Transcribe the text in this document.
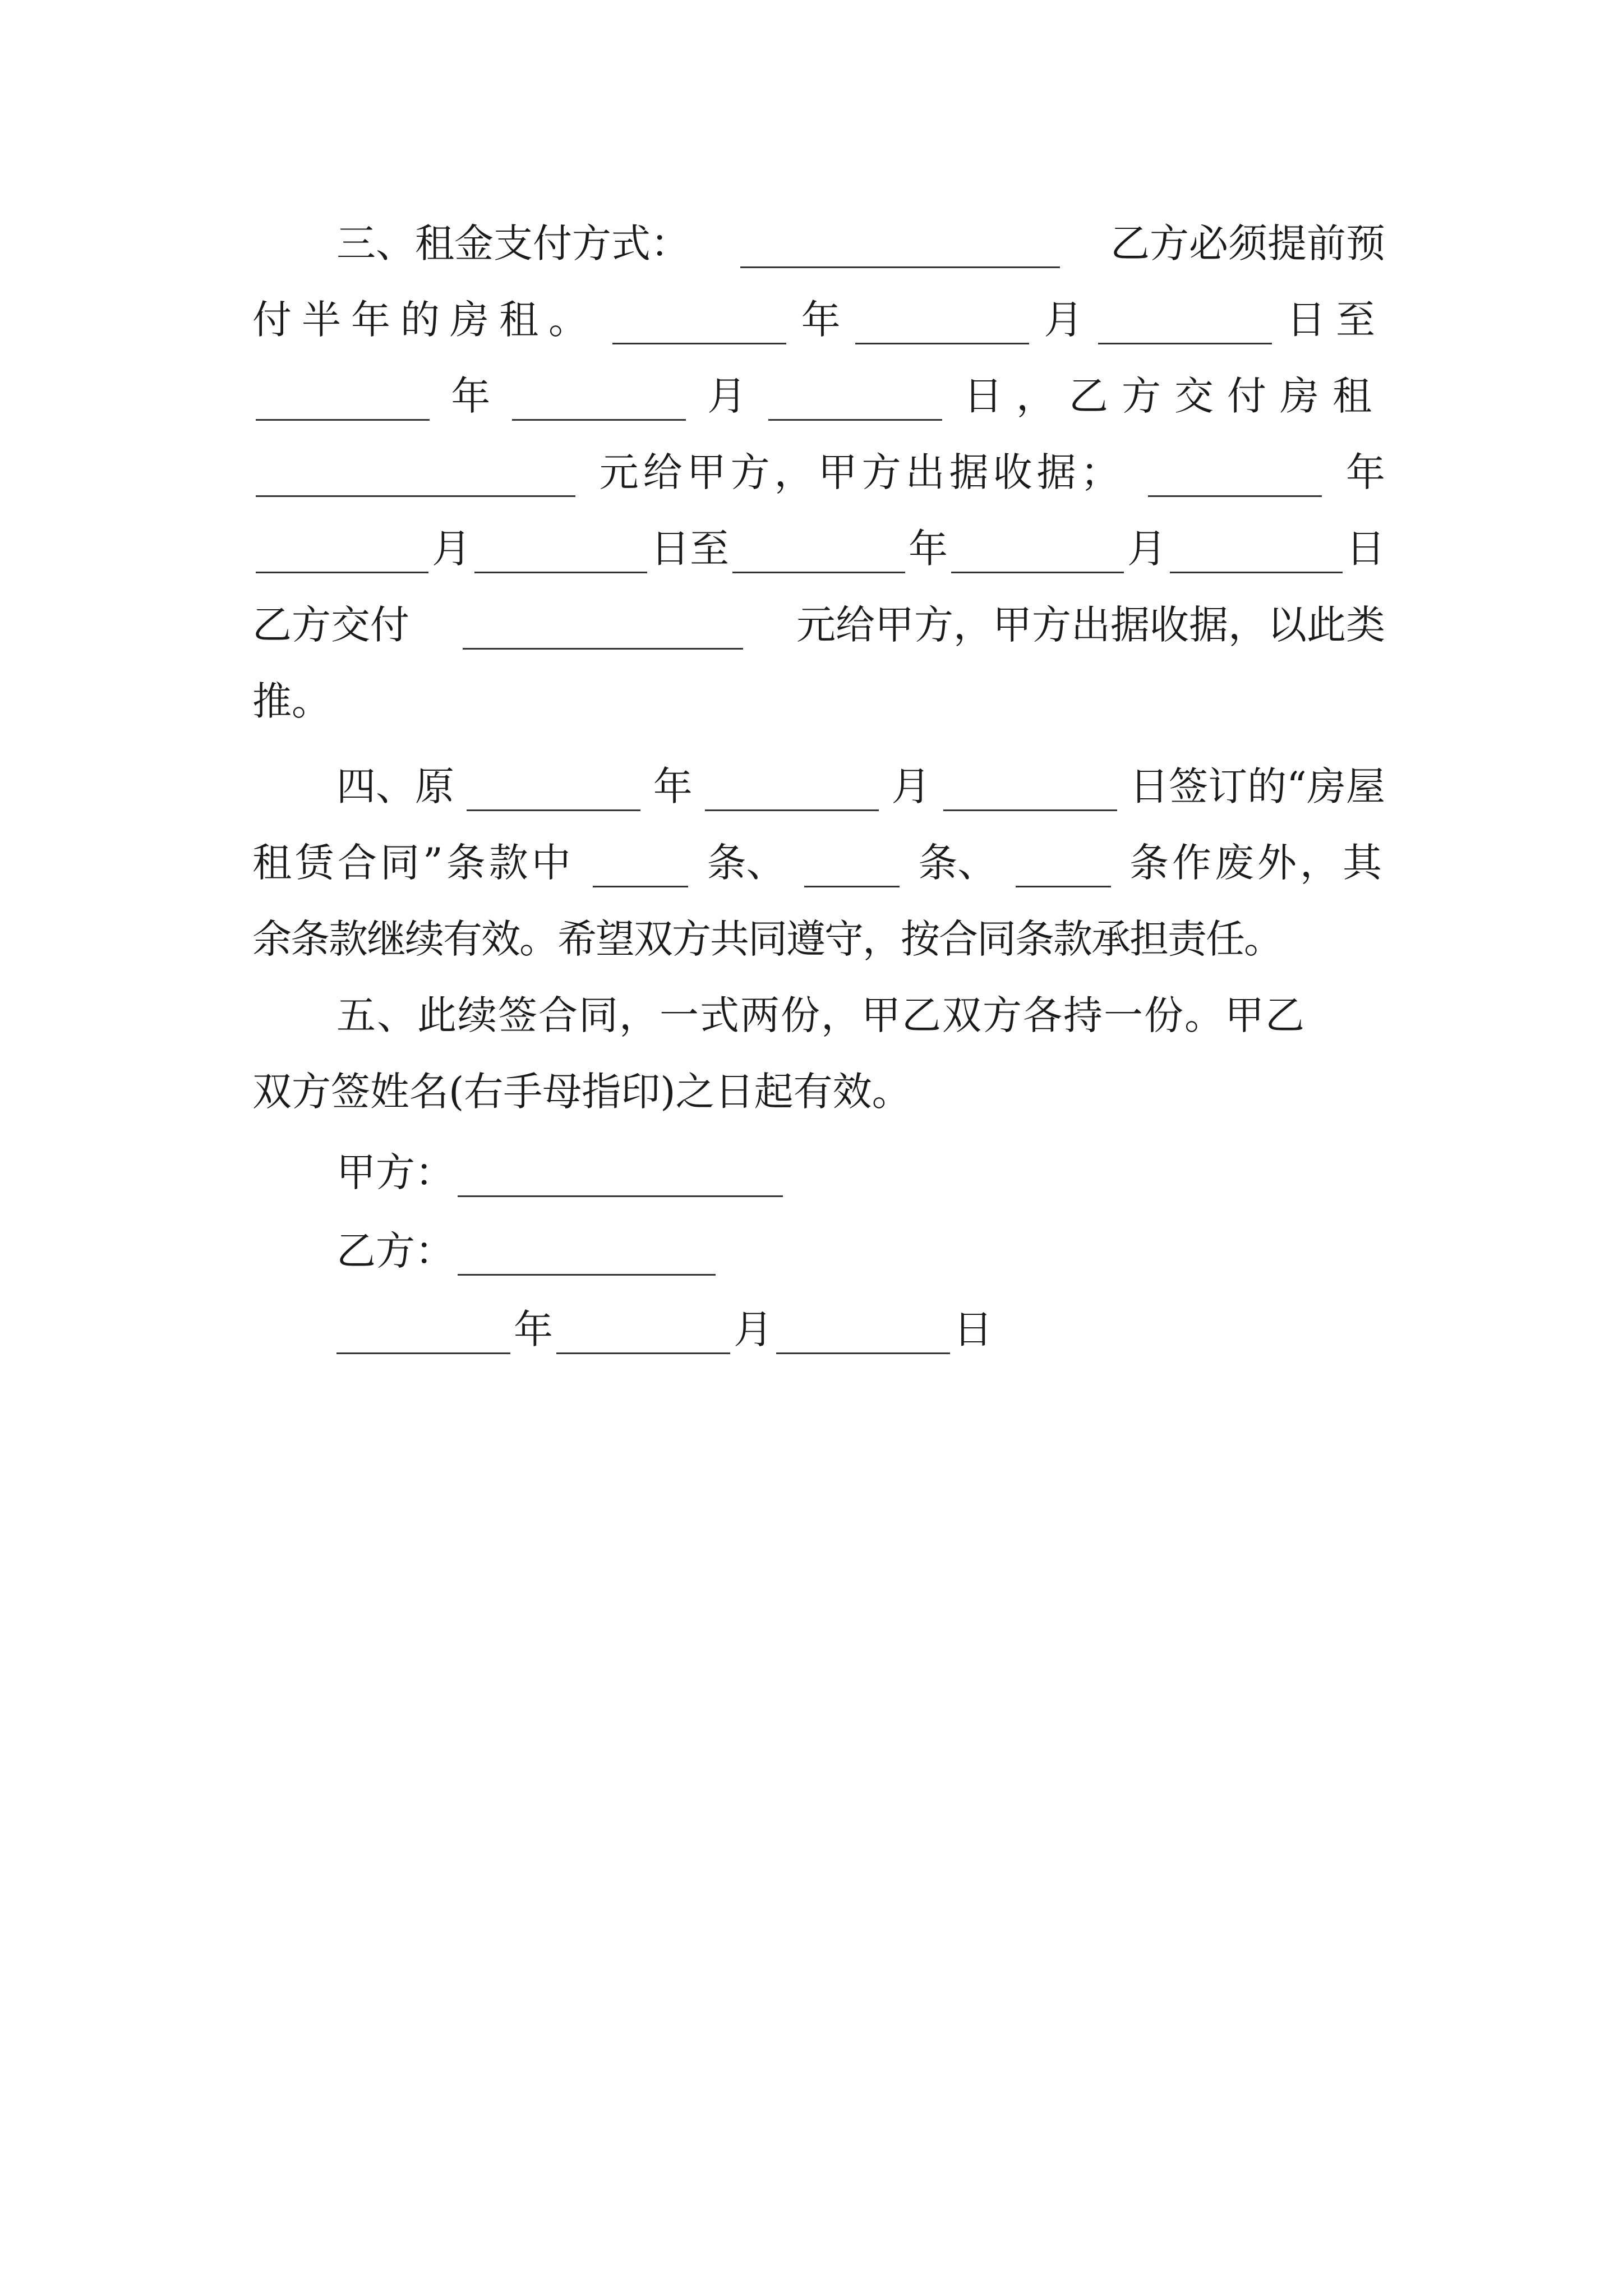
三、租金支付方式：	乙方必须提前预
付半年的房租。	年	月	日至
年	月	日，乙方交付房租
元给甲方，甲方出据收据；	年
月	日至	年	月	日
乙方交付	元给甲方，甲方出据收据，以此类
推。
四、原	年	月	日签订的“房屋
租赁合同”条款中	条、	条、	条作废外，其
余条款继续有效。希望双方共同遵守，按合同条款承担责任。
五、此续签合同，一式两份，甲乙双方各持一份。甲乙
双方签姓名(右手母指印)之日起有效。
甲方：
乙方：
年	月	日
